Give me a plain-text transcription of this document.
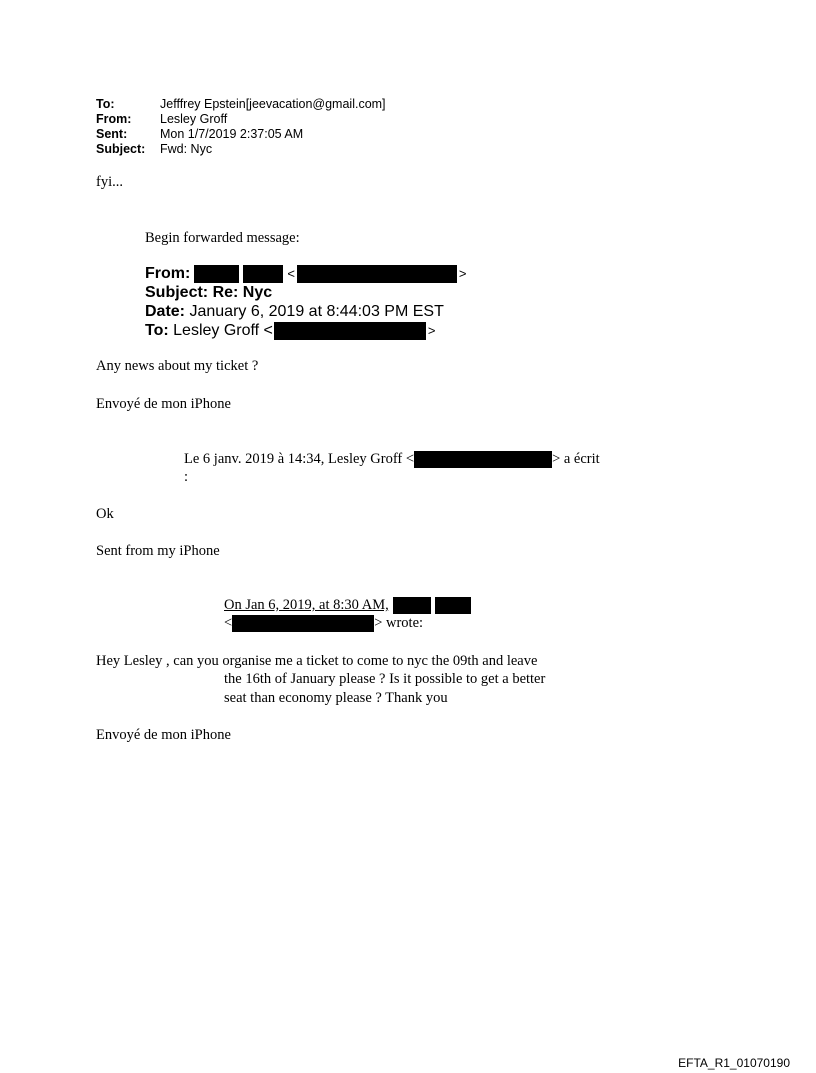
To:	Jefffrey Epstein[jeevacation@gmail.com]
From:	Lesley Groff
Sent:	Mon 1/7/2019 2:37:05 AM
Subject:	Fwd: Nyc
fyi...
Begin forwarded message:
From:	<	>
Subject:
Re: Nyc
Date:
January 6, 2019 at 8:44:03 PM EST
To:
Lesley Groff <	>
Any news about my ticket ?
Envoyé de mon iPhone
Le 6 janv. 2019 à 14:34, Lesley Groff <	> a écrit
:
Ok
Sent from my iPhone
On Jan 6, 2019, at 8:30 AM,
<	> wrote:
Hey Lesley , can you organise me a ticket to come to nyc the 09th and leave
the 16th of January please ? Is it possible to get a better
seat than economy please ? Thank you
Envoyé de mon iPhone
EFTA_R1_01070190
